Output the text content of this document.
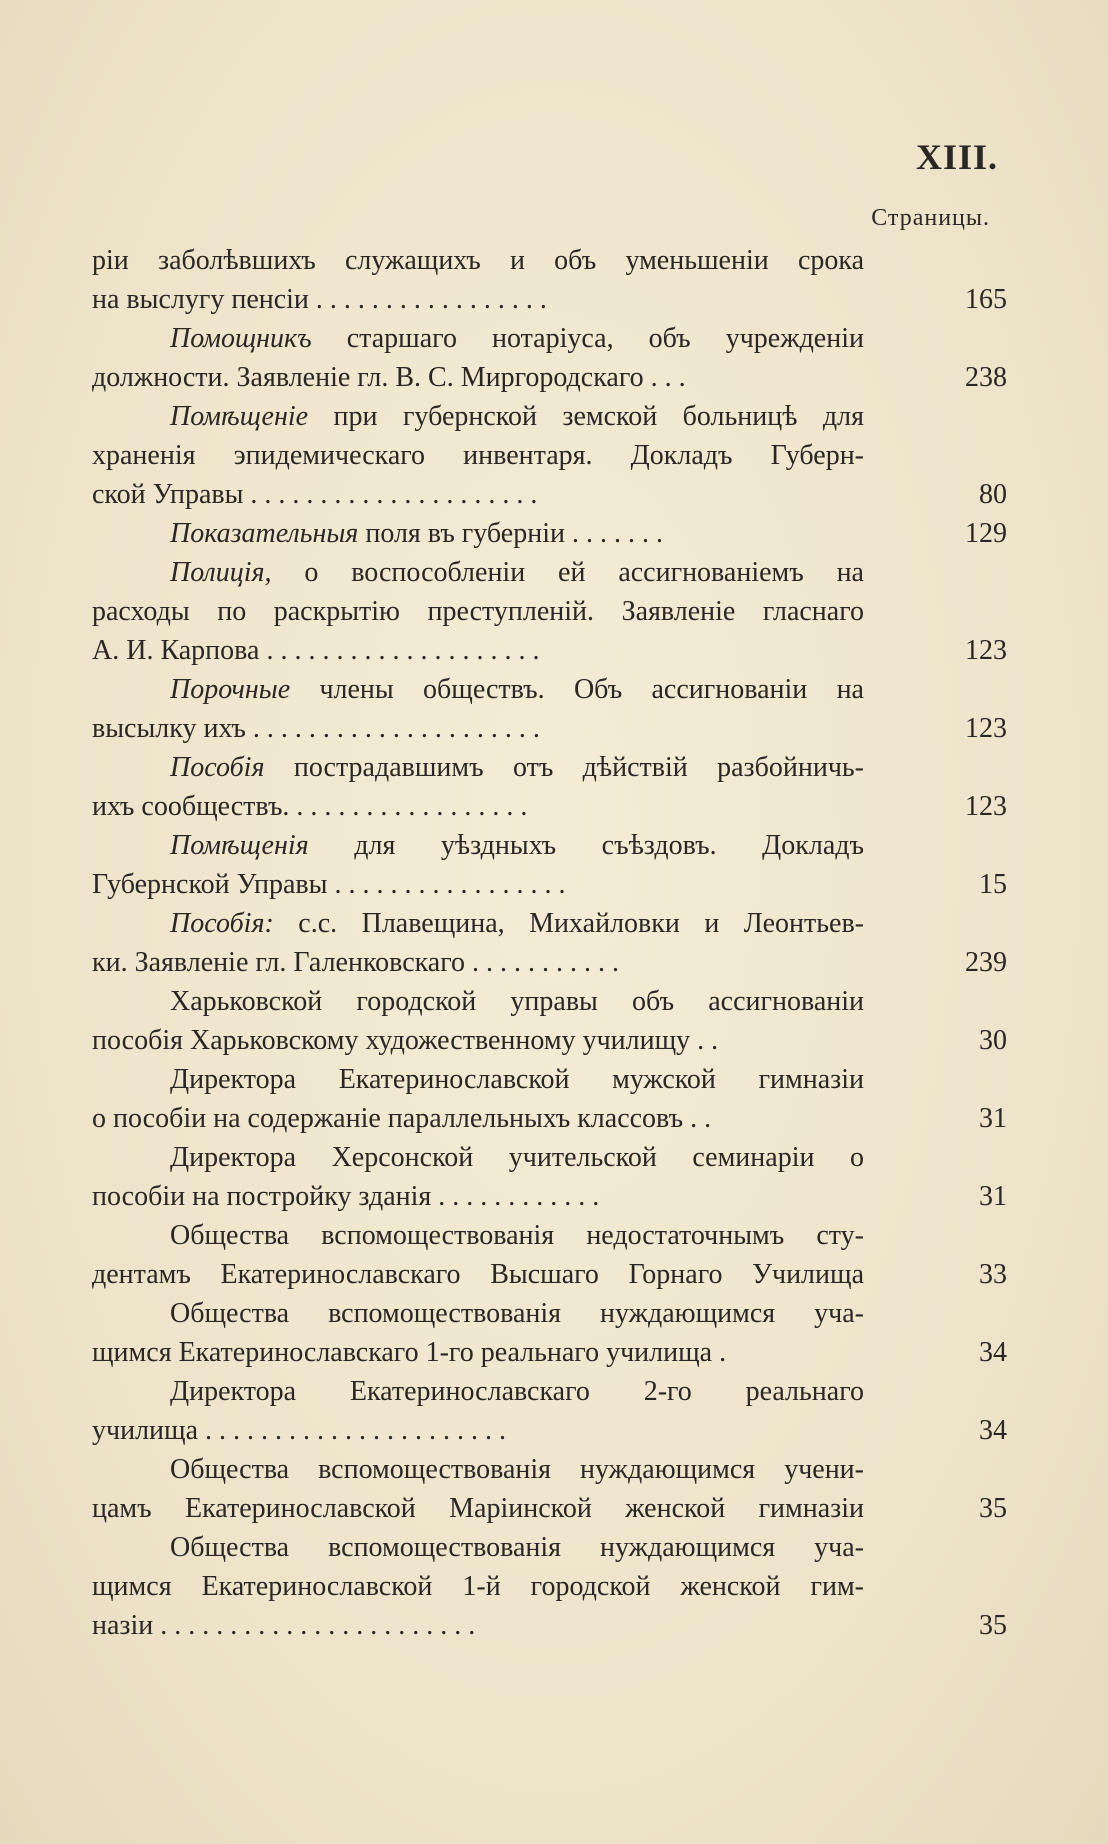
XIII.
Страницы.
ріи заболѣвшихъ служащихъ и объ уменьшеніи срока
на выслугу пенсіи . . . . . . . . . . . . . . . . .	165
Помощникъ старшаго нотаріуса, объ учрежденіи
должности. Заявленіе гл. В. С. Миргородскаго . . .	238
Помѣщеніе при губернской земской больницѣ для
храненія эпидемическаго инвентаря. Докладъ Губерн-
ской Управы . . . . . . . . . . . . . . . . . . . . .	80
Показательныя поля въ губерніи . . . . . . .	129
Полиція, о воспособленіи ей ассигнованіемъ на
расходы по раскрытію преступленій. Заявленіе гласнаго
А. И. Карпова . . . . . . . . . . . . . . . . . . . .	123
Порочные члены обществъ. Объ ассигнованіи на
высылку ихъ . . . . . . . . . . . . . . . . . . . . .	123
Пособія пострадавшимъ отъ дѣйствій разбойничь-
ихъ сообществъ. . . . . . . . . . . . . . . . . .	123
Помѣщенія для уѣздныхъ съѣздовъ. Докладъ
Губернской Управы . . . . . . . . . . . . . . . . .	15
Пособія: с.с. Плавещина, Михайловки и Леонтьев-
ки. Заявленіе гл. Галенковскаго . . . . . . . . . . .	239
Харьковской городской управы объ ассигнованіи
пособія Харьковскому художественному училищу . .	30
Директора Екатеринославской мужской гимназіи
о пособіи на содержаніе параллельныхъ классовъ . .	31
Директора Херсонской учительской семинаріи о
пособіи на постройку зданія . . . . . . . . . . . .	31
Общества вспомоществованія недостаточнымъ сту-
дентамъ Екатеринославскаго Высшаго Горнаго Училища	33
Общества вспомоществованія нуждающимся уча-
щимся Екатеринославскаго 1-го реальнаго училища .	34
Директора Екатеринославскаго 2-го реальнаго
училища . . . . . . . . . . . . . . . . . . . . . .	34
Общества вспомоществованія нуждающимся учени-
цамъ Екатеринославской Маріинской женской гимназіи	35
Общества вспомоществованія нуждающимся уча-
щимся Екатеринославской 1-й городской женской гим-
назіи . . . . . . . . . . . . . . . . . . . . . . .	35
